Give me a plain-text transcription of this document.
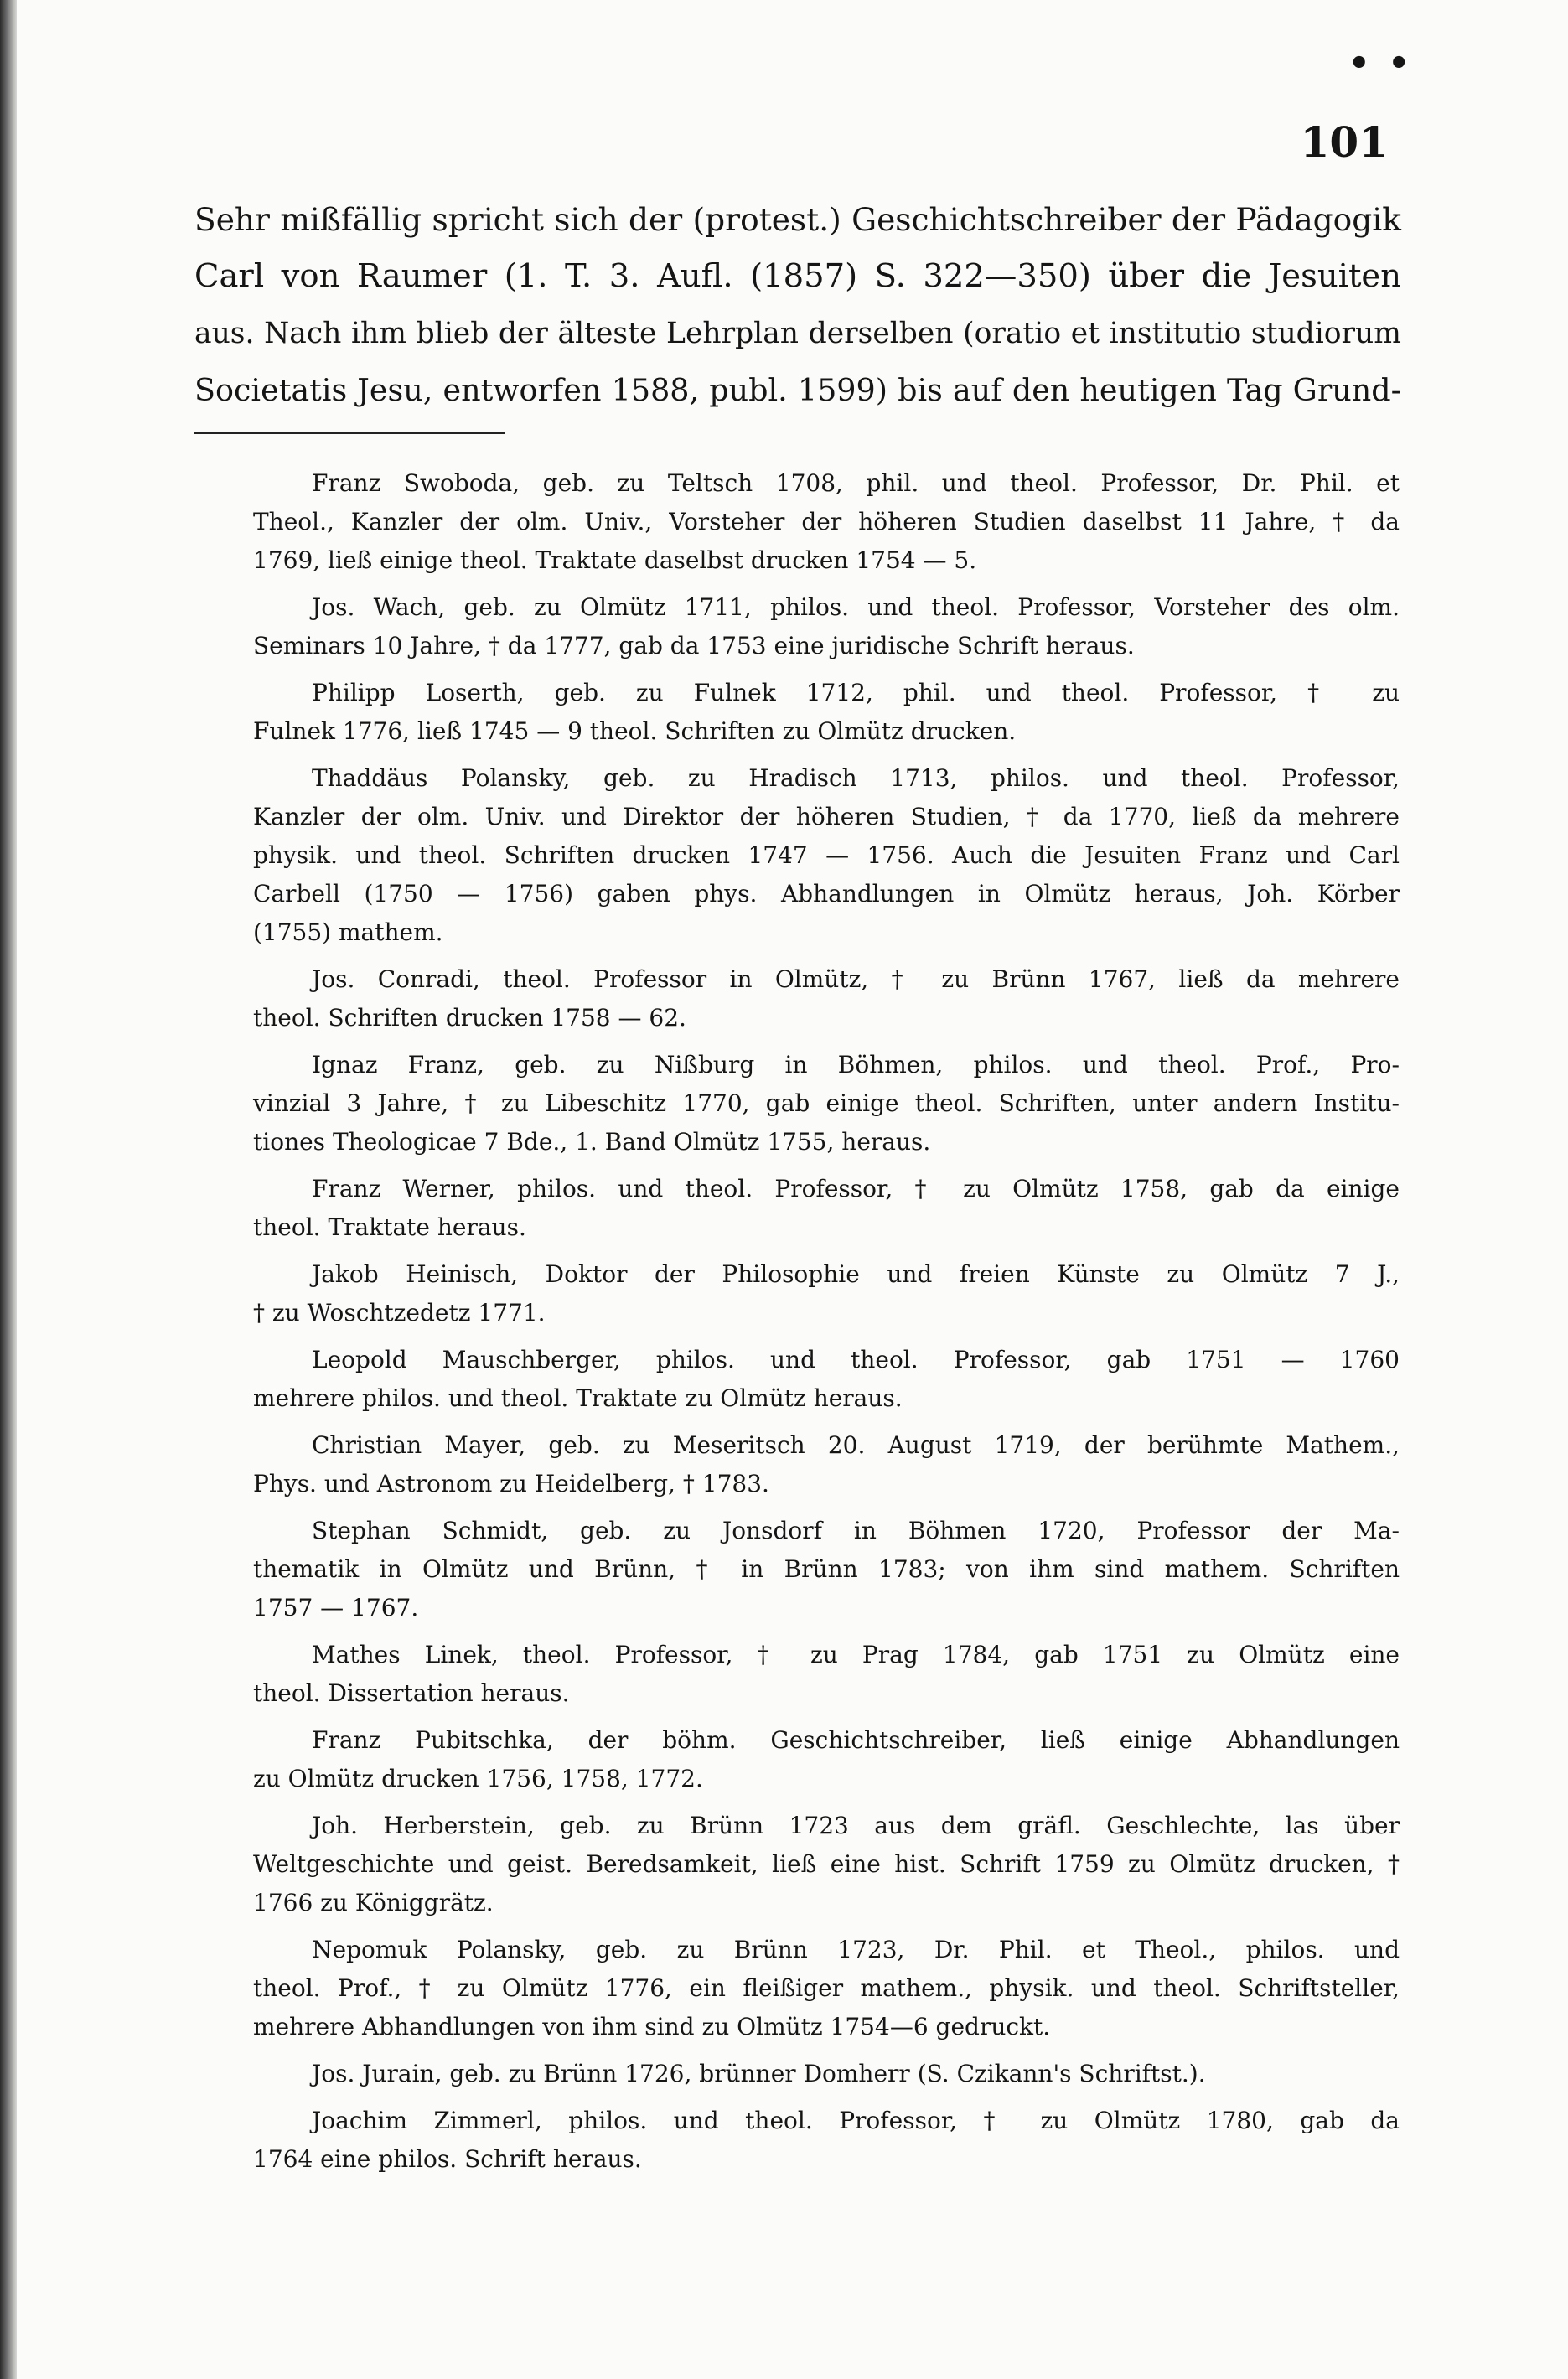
• •
101
Sehr mißfällig spricht sich der (protest.) Geschichtschreiber der Pädagogik
Carl von Raumer (1. T. 3. Aufl. (1857) S. 322—350) über die Jesuiten
aus. Nach ihm blieb der älteste Lehrplan derselben (oratio et institutio studiorum
Societatis Jesu, entworfen 1588, publ. 1599) bis auf den heutigen Tag Grund-
Franz Swoboda, geb. zu Teltsch 1708, phil. und theol. Professor, Dr. Phil. et
Theol., Kanzler der olm. Univ., Vorsteher der höheren Studien daselbst 11 Jahre, † da
1769, ließ einige theol. Traktate daselbst drucken 1754 — 5.
Jos. Wach, geb. zu Olmütz 1711, philos. und theol. Professor, Vorsteher des olm.
Seminars 10 Jahre, † da 1777, gab da 1753 eine juridische Schrift heraus.
Philipp Loserth, geb. zu Fulnek 1712, phil. und theol. Professor, † zu
Fulnek 1776, ließ 1745 — 9 theol. Schriften zu Olmütz drucken.
Thaddäus Polansky, geb. zu Hradisch 1713, philos. und theol. Professor,
Kanzler der olm. Univ. und Direktor der höheren Studien, † da 1770, ließ da mehrere
physik. und theol. Schriften drucken 1747 — 1756. Auch die Jesuiten Franz und Carl
Carbell (1750 — 1756) gaben phys. Abhandlungen in Olmütz heraus, Joh. Körber
(1755) mathem.
Jos. Conradi, theol. Professor in Olmütz, † zu Brünn 1767, ließ da mehrere
theol. Schriften drucken 1758 — 62.
Ignaz Franz, geb. zu Nißburg in Böhmen, philos. und theol. Prof., Pro-
vinzial 3 Jahre, † zu Libeschitz 1770, gab einige theol. Schriften, unter andern Institu-
tiones Theologicae 7 Bde., 1. Band Olmütz 1755, heraus.
Franz Werner, philos. und theol. Professor, † zu Olmütz 1758, gab da einige
theol. Traktate heraus.
Jakob Heinisch, Doktor der Philosophie und freien Künste zu Olmütz 7 J.,
† zu Woschtzedetz 1771.
Leopold Mauschberger, philos. und theol. Professor, gab 1751 — 1760
mehrere philos. und theol. Traktate zu Olmütz heraus.
Christian Mayer, geb. zu Meseritsch 20. August 1719, der berühmte Mathem.,
Phys. und Astronom zu Heidelberg, † 1783.
Stephan Schmidt, geb. zu Jonsdorf in Böhmen 1720, Professor der Ma-
thematik in Olmütz und Brünn, † in Brünn 1783; von ihm sind mathem. Schriften
1757 — 1767.
Mathes Linek, theol. Professor, † zu Prag 1784, gab 1751 zu Olmütz eine
theol. Dissertation heraus.
Franz Pubitschka, der böhm. Geschichtschreiber, ließ einige Abhandlungen
zu Olmütz drucken 1756, 1758, 1772.
Joh. Herberstein, geb. zu Brünn 1723 aus dem gräfl. Geschlechte, las über
Weltgeschichte und geist. Beredsamkeit, ließ eine hist. Schrift 1759 zu Olmütz drucken, †
1766 zu Königgrätz.
Nepomuk Polansky, geb. zu Brünn 1723, Dr. Phil. et Theol., philos. und
theol. Prof., † zu Olmütz 1776, ein fleißiger mathem., physik. und theol. Schriftsteller,
mehrere Abhandlungen von ihm sind zu Olmütz 1754—6 gedruckt.
Jos. Jurain, geb. zu Brünn 1726, brünner Domherr (S. Czikann's Schriftst.).
Joachim Zimmerl, philos. und theol. Professor, † zu Olmütz 1780, gab da
1764 eine philos. Schrift heraus.
